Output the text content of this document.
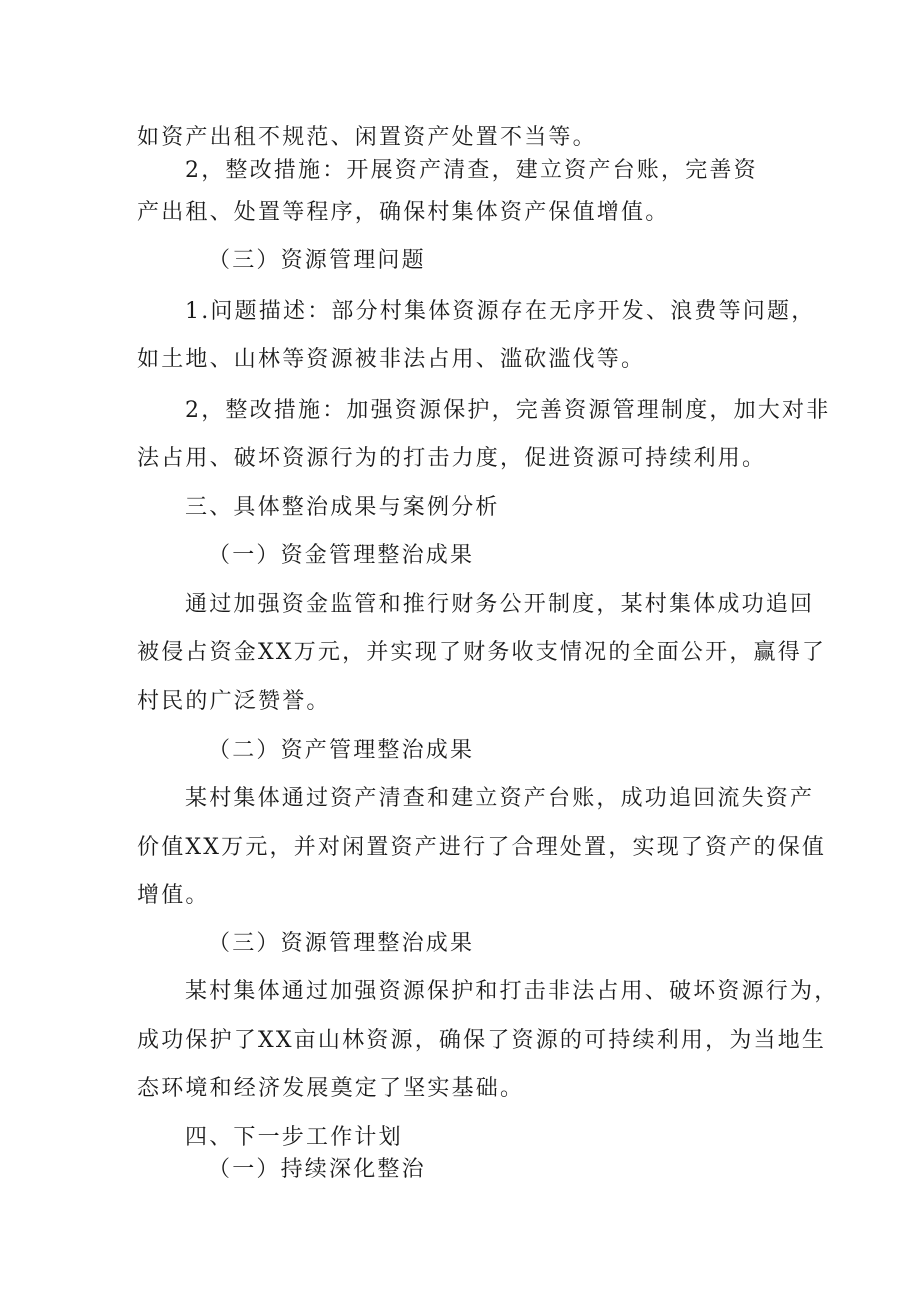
如资产出租不规范、闲置资产处置不当等。
2，整改措施：开展资产清查，建立资产台账，完善资
产出租、处置等程序，确保村集体资产保值增值。
（三）资源管理问题
1.问题描述：部分村集体资源存在无序开发、浪费等问题，
如土地、山林等资源被非法占用、滥砍滥伐等。
2，整改措施：加强资源保护，完善资源管理制度，加大对非
法占用、破坏资源行为的打击力度，促进资源可持续利用。
三、具体整治成果与案例分析
（一）资金管理整治成果
通过加强资金监管和推行财务公开制度，某村集体成功追回
被侵占资金XX万元，并实现了财务收支情况的全面公开，赢得了
村民的广泛赞誉。
（二）资产管理整治成果
某村集体通过资产清查和建立资产台账，成功追回流失资产
价值XX万元，并对闲置资产进行了合理处置，实现了资产的保值
增值。
（三）资源管理整治成果
某村集体通过加强资源保护和打击非法占用、破坏资源行为，
成功保护了XX亩山林资源，确保了资源的可持续利用，为当地生
态环境和经济发展奠定了坚实基础。
四、下一步工作计划
（一）持续深化整治
